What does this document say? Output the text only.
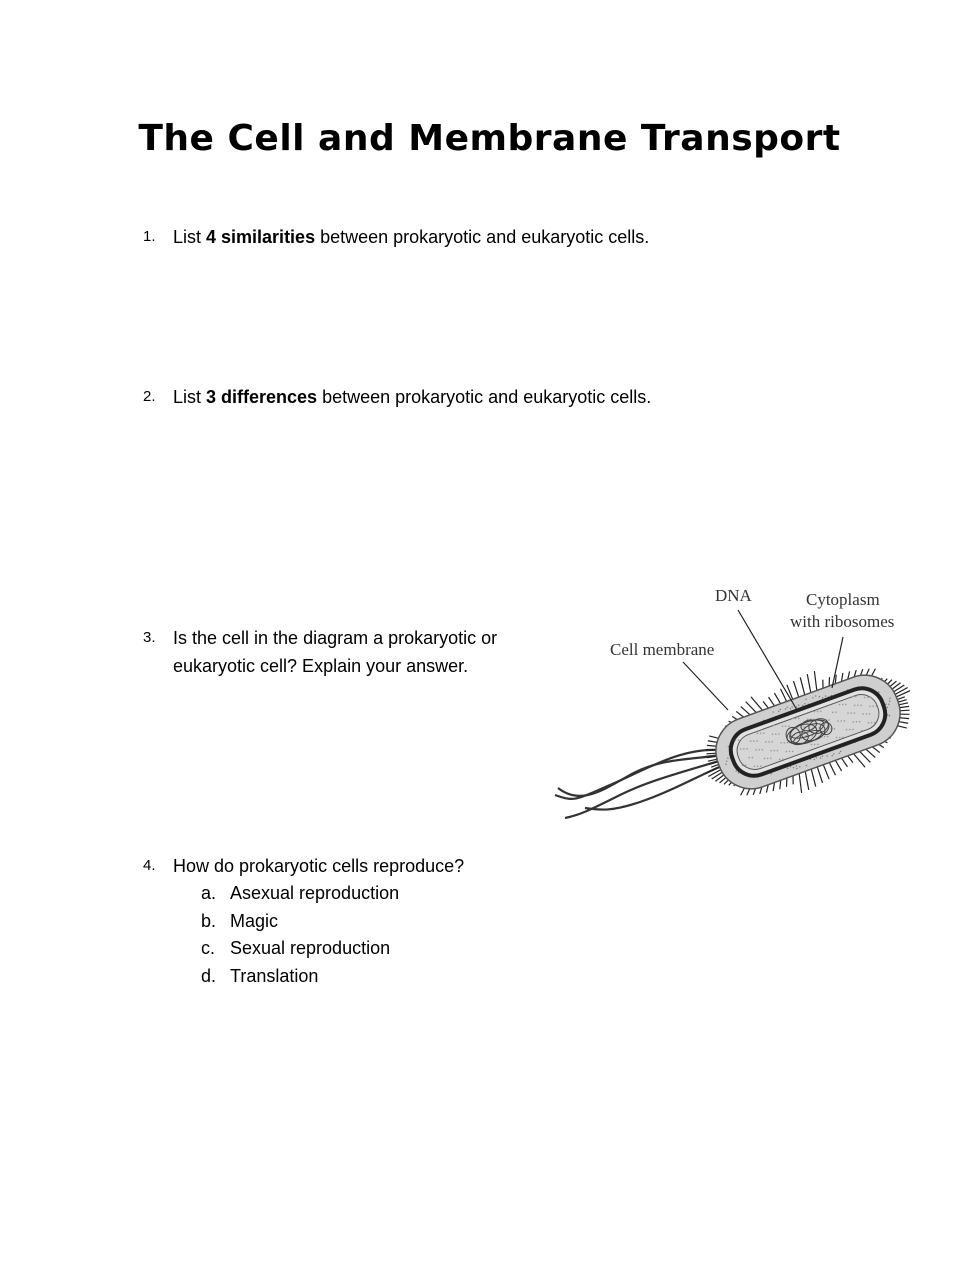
The Cell and Membrane Transport
1. List 4 similarities between prokaryotic and eukaryotic cells.
2. List 3 differences between prokaryotic and eukaryotic cells.
3. Is the cell in the diagram a prokaryotic or
eukaryotic cell? Explain your answer.
DNA	Cytoplasm
with ribosomes
Cell membrane
4. How do prokaryotic cells reproduce?
a. Asexual reproduction
b. Magic
c. Sexual reproduction
d. Translation
